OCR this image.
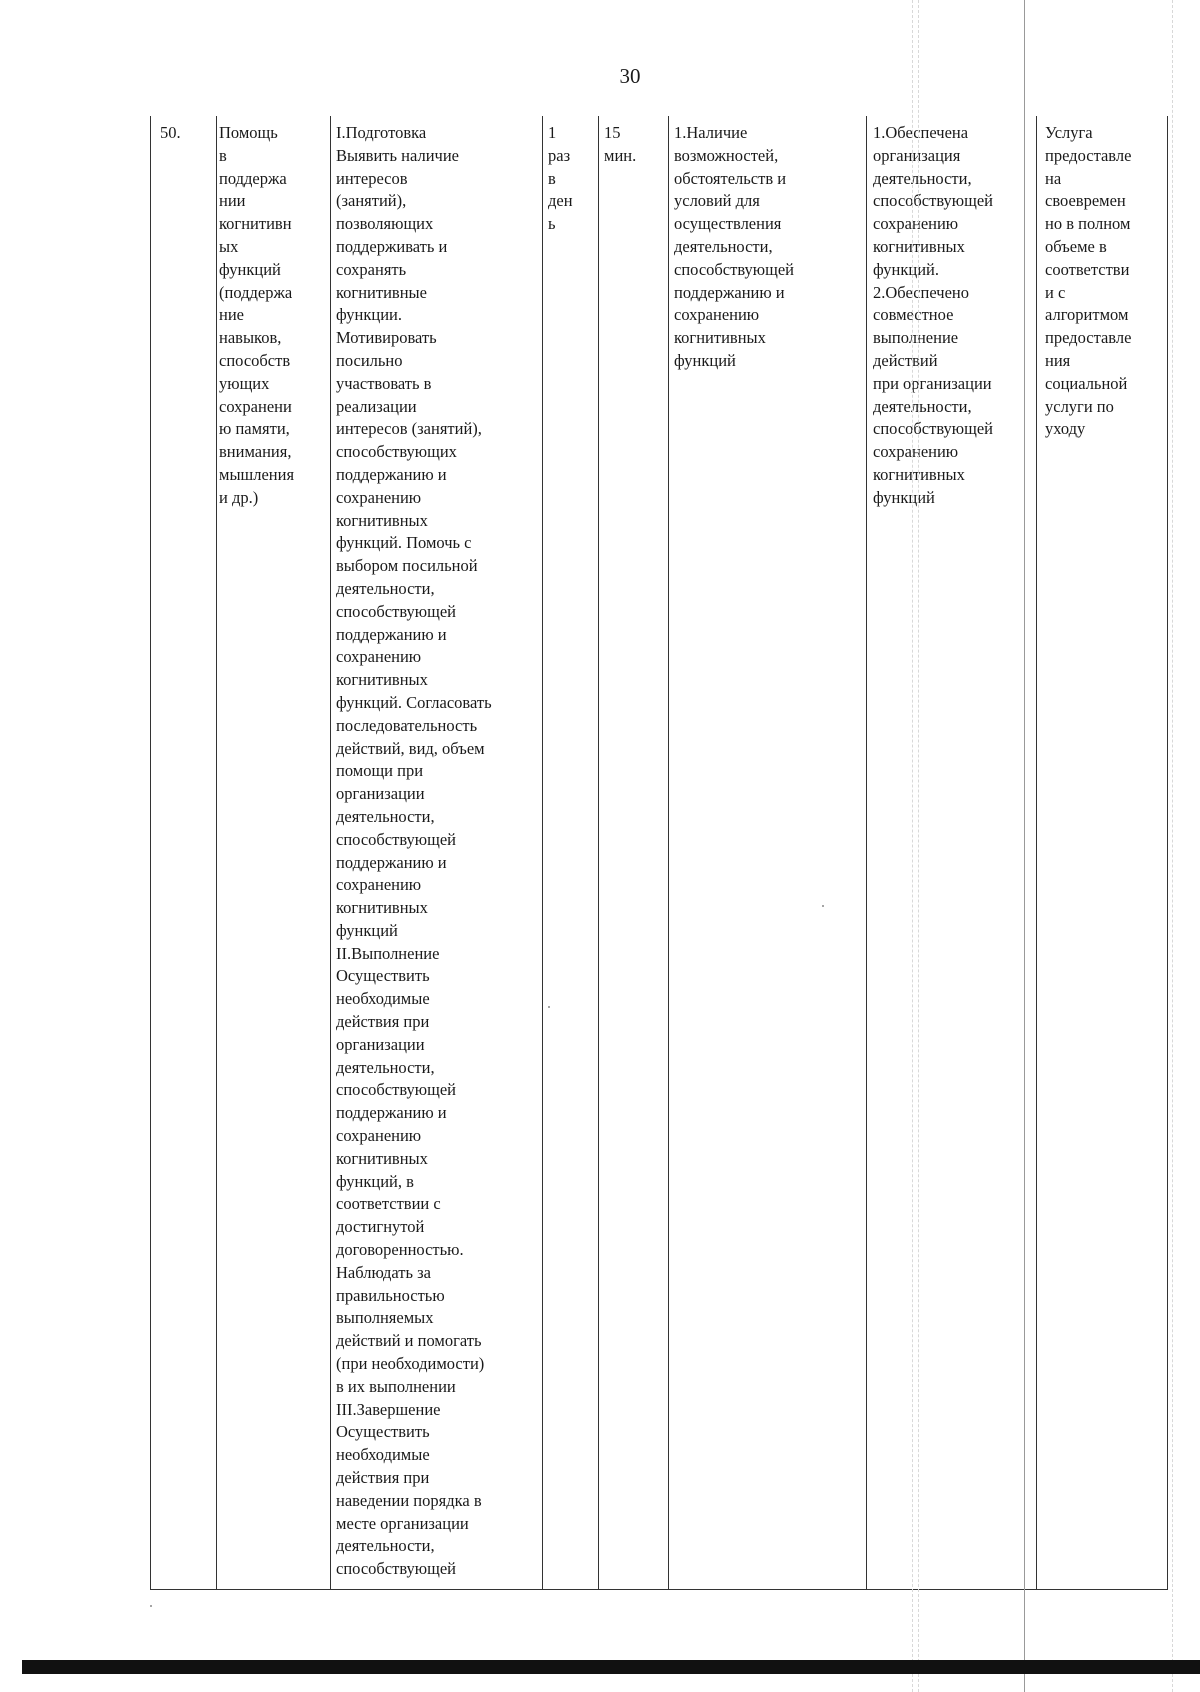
30
50.	Помощь
в
поддержа
нии
когнитивн
ых
функций
(поддержа
ние
навыков,
способств
ующих
сохранени
ю памяти,
внимания,
мышления
и др.)
I.Подготовка
Выявить наличие
интересов
(занятий),
позволяющих
поддерживать и
сохранять
когнитивные
функции.
Мотивировать
посильно
участвовать в
реализации
интересов (занятий),
способствующих
поддержанию и
сохранению
когнитивных
функций. Помочь с
выбором посильной
деятельности,
способствующей
поддержанию и
сохранению
когнитивных
функций. Согласовать
последовательность
действий, вид, объем
помощи при
организации
деятельности,
способствующей
поддержанию и
сохранению
когнитивных
функций
II.Выполнение
Осуществить
необходимые
действия при
организации
деятельности,
способствующей
поддержанию и
сохранению
когнитивных
функций, в
соответствии с
достигнутой
договоренностью.
Наблюдать за
правильностью
выполняемых
действий и помогать
(при необходимости)
в их выполнении
III.Завершение
Осуществить
необходимые
действия при
наведении порядка в
месте организации
деятельности,
способствующей
1
раз
в
ден
ь
15
мин.
1.Наличие
возможностей,
обстоятельств и
условий для
осуществления
деятельности,
способствующей
поддержанию и
сохранению
когнитивных
функций
1.Обеспечена
организация
деятельности,
способствующей
сохранению
когнитивных
функций.
2.Обеспечено
совместное
выполнение
действий
при организации
деятельности,
способствующей
сохранению
когнитивных
функций
Услуга
предоставле
на
своевремен
но в полном
объеме в
соответстви
и с
алгоритмом
предоставле
ния
социальной
услуги по
уходу
